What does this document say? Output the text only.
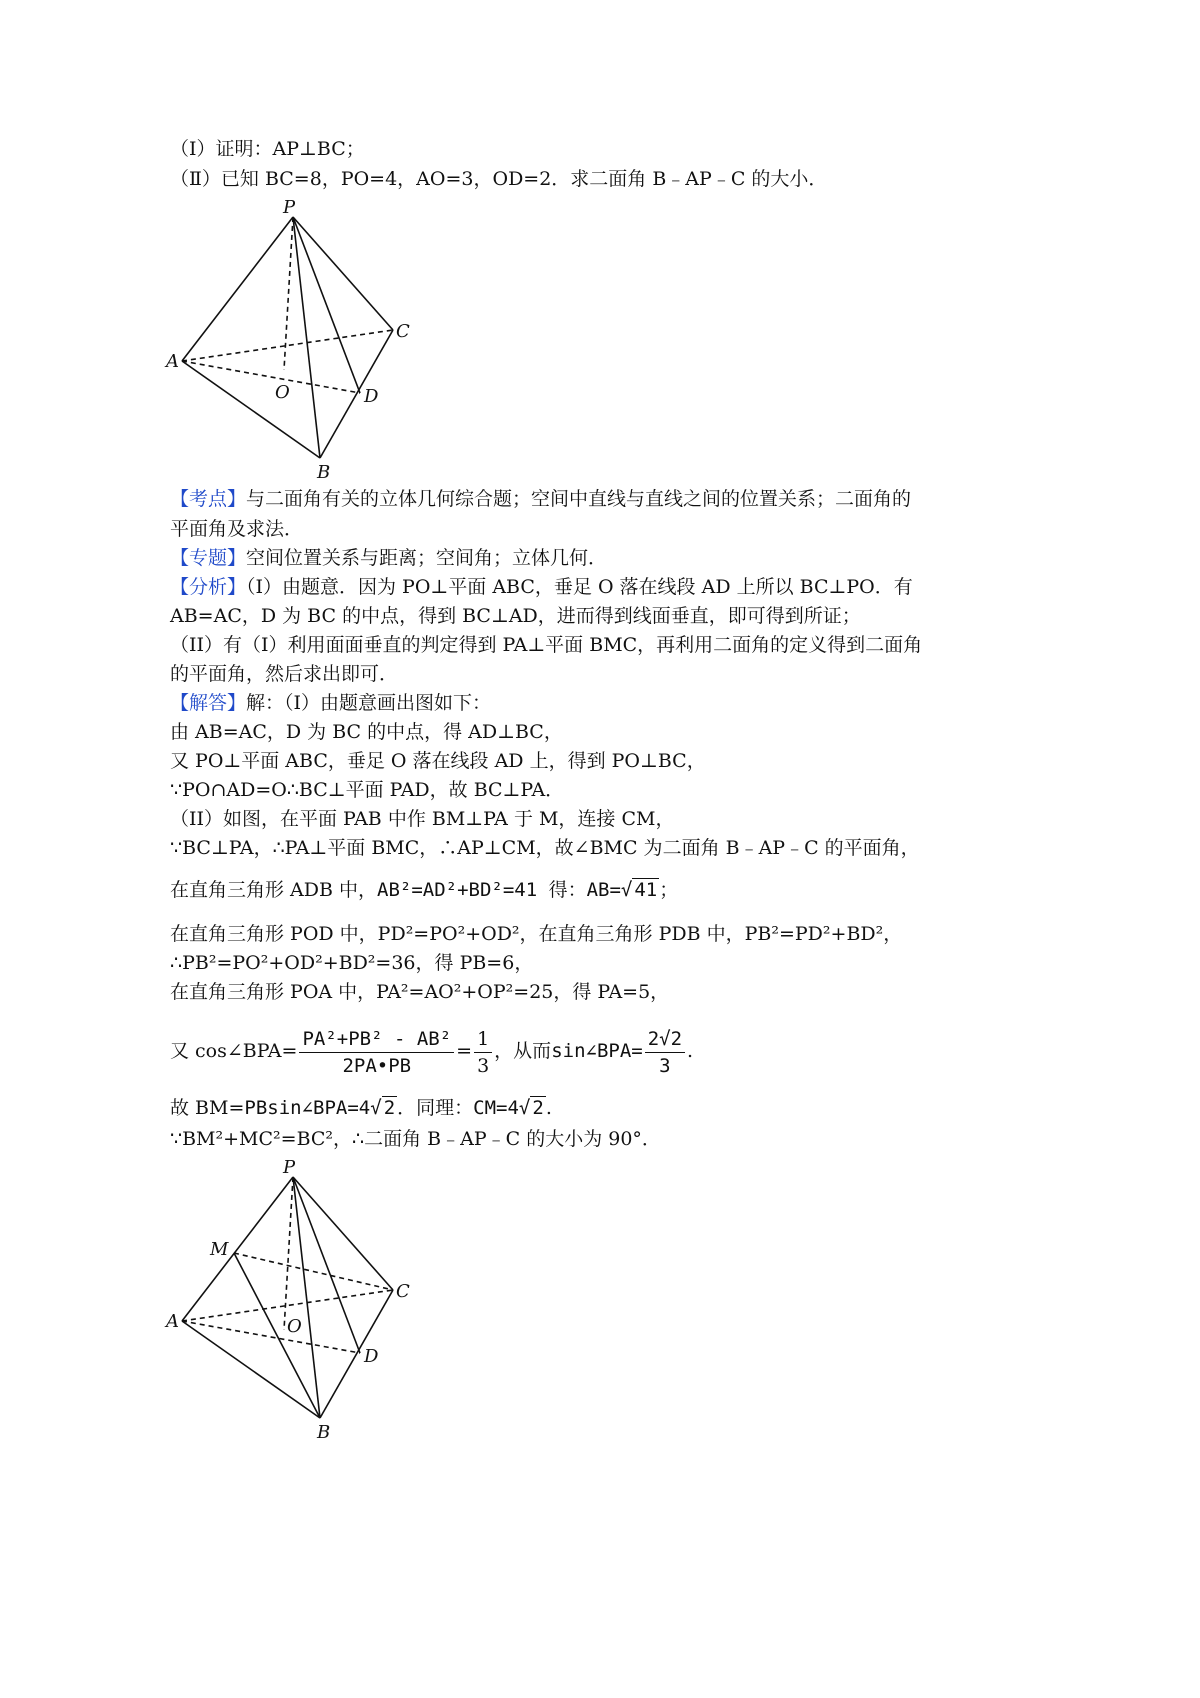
（Ⅰ）证明：AP⊥BC；
（Ⅱ）已知 BC=8，PO=4，AO=3，OD=2．求二面角 B﹣AP﹣C 的大小．
P
A
C
O	D
B
【考点】与二面角有关的立体几何综合题；空间中直线与直线之间的位置关系；二面角的
平面角及求法．
【专题】空间位置关系与距离；空间角；立体几何．
【分析】（I）由题意．因为 PO⊥平面 ABC，垂足 O 落在线段 AD 上所以 BC⊥PO．有
AB=AC，D 为 BC 的中点，得到 BC⊥AD，进而得到线面垂直，即可得到所证；
（II）有（I）利用面面垂直的判定得到 PA⊥平面 BMC，再利用二面角的定义得到二面角
的平面角，然后求出即可．
【解答】解：（I）由题意画出图如下：
由 AB=AC，D 为 BC 的中点，得 AD⊥BC，
又 PO⊥平面 ABC，垂足 O 落在线段 AD 上，得到 PO⊥BC，
∵PO∩AD=O∴BC⊥平面 PAD，故 BC⊥PA．
（II）如图，在平面 PAB 中作 BM⊥PA 于 M，连接 CM，
∵BC⊥PA，∴PA⊥平面 BMC，∴AP⊥CM，故∠BMC 为二面角 B﹣AP﹣C 的平面角，
在直角三角形 ADB 中，AB²=AD²+BD²=41 得：AB=√ 41 ；
在直角三角形 POD 中，PD²=PO²+OD²，在直角三角形 PDB 中，PB²=PD²+BD²，
∴PB²=PO²+OD²+BD²=36，得 PB=6，
在直角三角形 POA 中，PA²=AO²+OP²=25，得 PA=5，
又 cos∠BPA= $\frac{\text{PA²+PB² - AB²}}{2PA•PB} = \frac{1}{3}$ ，从而sin∠BPA= $\frac{2√2}{3}$ .
故 BM=PBsin∠BPA=4√ 2 ．同理：CM=4√ 2 .
∵BM²+MC²=BC²，∴二面角 B﹣AP﹣C 的大小为 90°．
P
M
A
C
O
D
B
